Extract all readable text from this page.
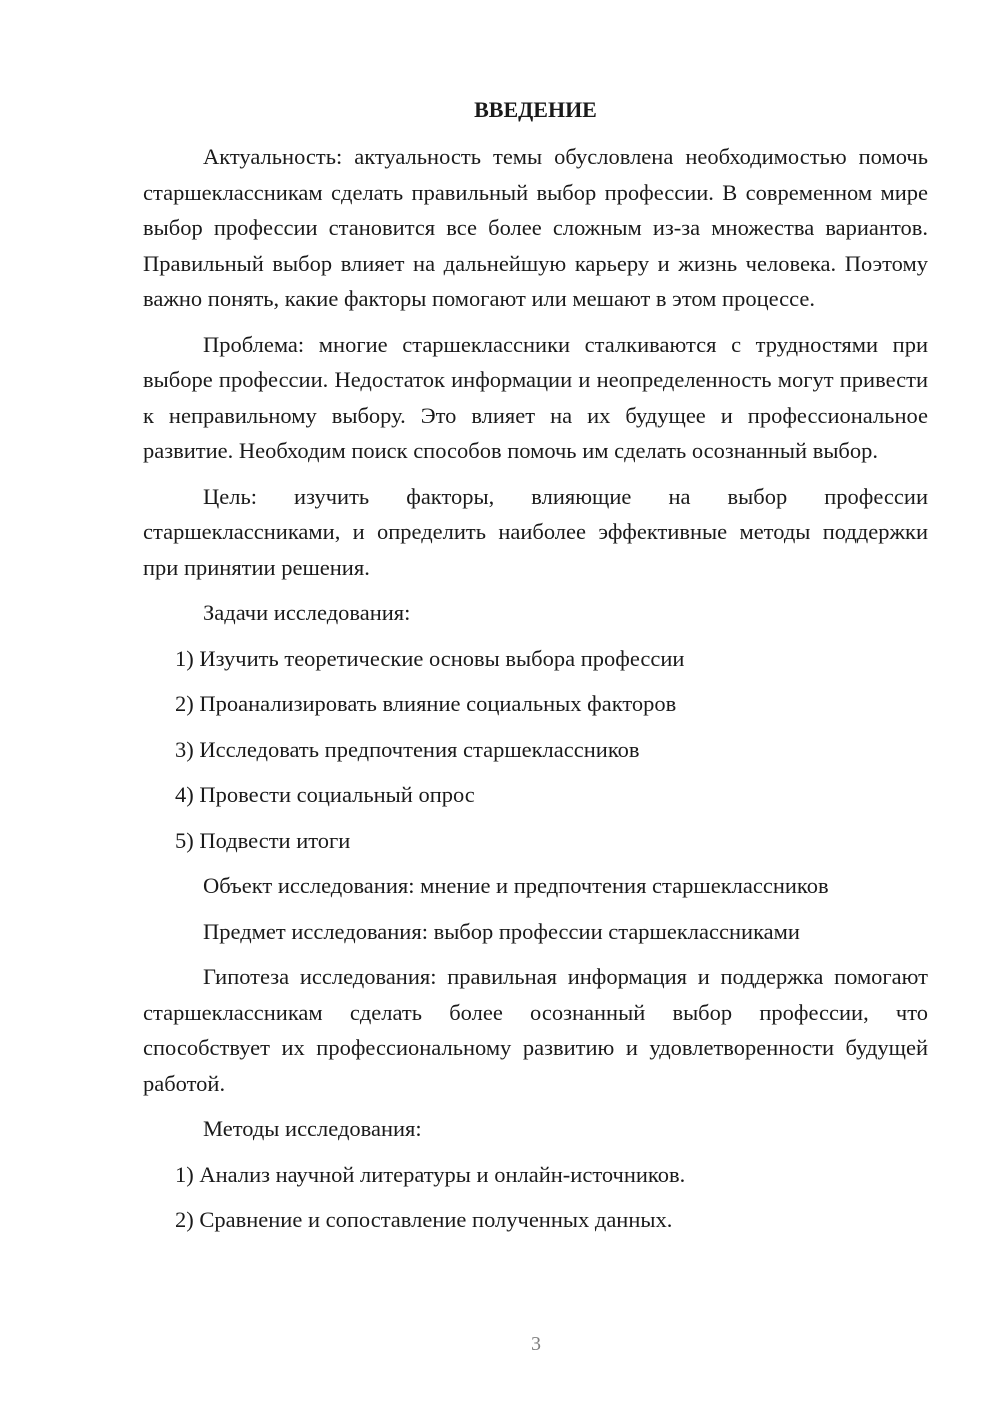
ВВЕДЕНИЕ

Актуальность: актуальность темы обусловлена необходимостью помочь старшеклассникам сделать правильный выбор профессии. В современном мире выбор профессии становится все более сложным из-за множества вариантов. Правильный выбор влияет на дальнейшую карьеру и жизнь человека. Поэтому важно понять, какие факторы помогают или мешают в этом процессе.

Проблема: многие старшеклассники сталкиваются с трудностями при выборе профессии. Недостаток информации и неопределенность могут привести к неправильному выбору. Это влияет на их будущее и профессиональное развитие. Необходим поиск способов помочь им сделать осознанный выбор.

Цель: изучить факторы, влияющие на выбор профессии старшеклассниками, и определить наиболее эффективные методы поддержки при принятии решения.

Задачи исследования:
1) Изучить теоретические основы выбора профессии
2) Проанализировать влияние социальных факторов
3) Исследовать предпочтения старшеклассников
4) Провести социальный опрос
5) Подвести итоги
Объект исследования: мнение и предпочтения старшеклассников
Предмет исследования: выбор профессии старшеклассниками

Гипотеза исследования: правильная информация и поддержка помогают старшеклассникам сделать более осознанный выбор профессии, что способствует их профессиональному развитию и удовлетворенности будущей работой.

Методы исследования:
1) Анализ научной литературы и онлайн-источников.
2) Сравнение и сопоставление полученных данных.
3
